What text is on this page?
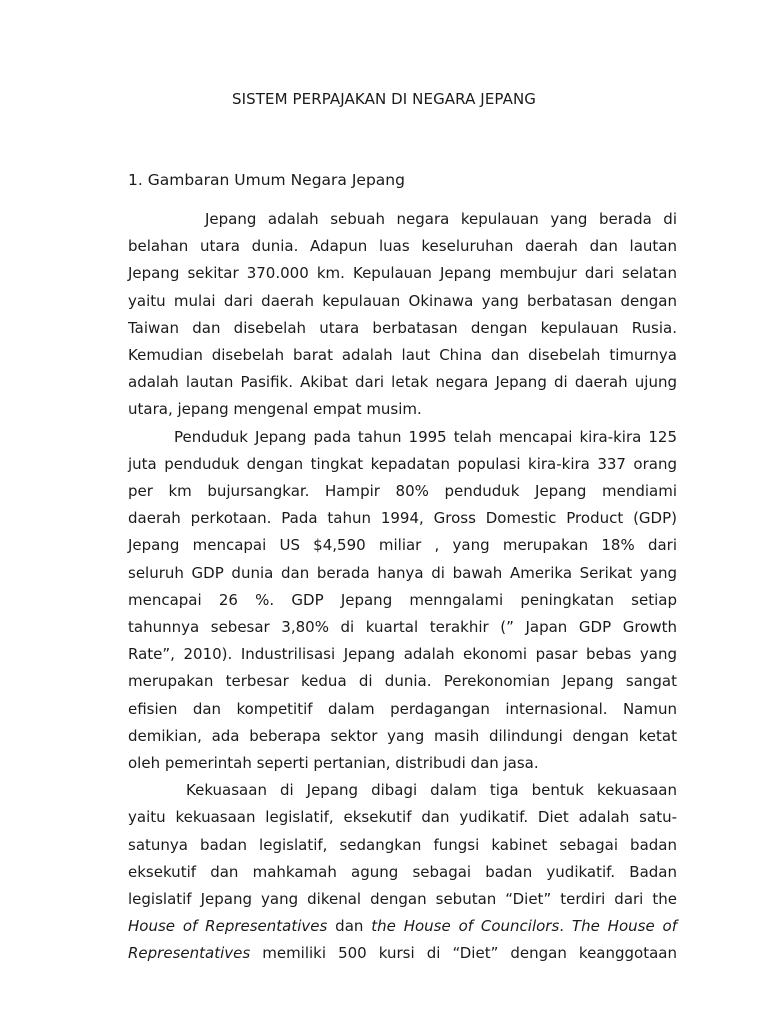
SISTEM PERPAJAKAN DI NEGARA JEPANG
1. Gambaran Umum Negara Jepang

Jepang adalah sebuah negara kepulauan yang berada di
belahan utara dunia. Adapun luas keseluruhan daerah dan lautan
Jepang sekitar 370.000 km. Kepulauan Jepang membujur dari selatan
yaitu mulai dari daerah kepulauan Okinawa yang berbatasan dengan
Taiwan dan disebelah utara berbatasan dengan kepulauan Rusia.
Kemudian disebelah barat adalah laut China dan disebelah timurnya
adalah lautan Pasifik. Akibat dari letak negara Jepang di daerah ujung
utara, jepang mengenal empat musim.

Penduduk Jepang pada tahun 1995 telah mencapai kira-kira 125
juta penduduk dengan tingkat kepadatan populasi kira-kira 337 orang
per km bujursangkar. Hampir 80% penduduk Jepang mendiami
daerah perkotaan. Pada tahun 1994, Gross Domestic Product (GDP)
Jepang mencapai US $4,590 miliar , yang merupakan 18% dari
seluruh GDP dunia dan berada hanya di bawah Amerika Serikat yang
mencapai 26 %. GDP Jepang menngalami peningkatan setiap
tahunnya sebesar 3,80% di kuartal terakhir (” Japan GDP Growth
Rate”, 2010). Industrilisasi Jepang adalah ekonomi pasar bebas yang
merupakan terbesar kedua di dunia. Perekonomian Jepang sangat
efisien dan kompetitif dalam perdagangan internasional. Namun
demikian, ada beberapa sektor yang masih dilindungi dengan ketat
oleh pemerintah seperti pertanian, distribudi dan jasa.

Kekuasaan di Jepang dibagi dalam tiga bentuk kekuasaan
yaitu kekuasaan legislatif, eksekutif dan yudikatif. Diet adalah satu-
satunya badan legislatif, sedangkan fungsi kabinet sebagai badan
eksekutif dan mahkamah agung sebagai badan yudikatif. Badan
legislatif Jepang yang dikenal dengan sebutan “Diet” terdiri dari the

House of Representatives dan the House of Councilors. The House of
Representatives memiliki 500 kursi di “Diet” dengan keanggotaan
